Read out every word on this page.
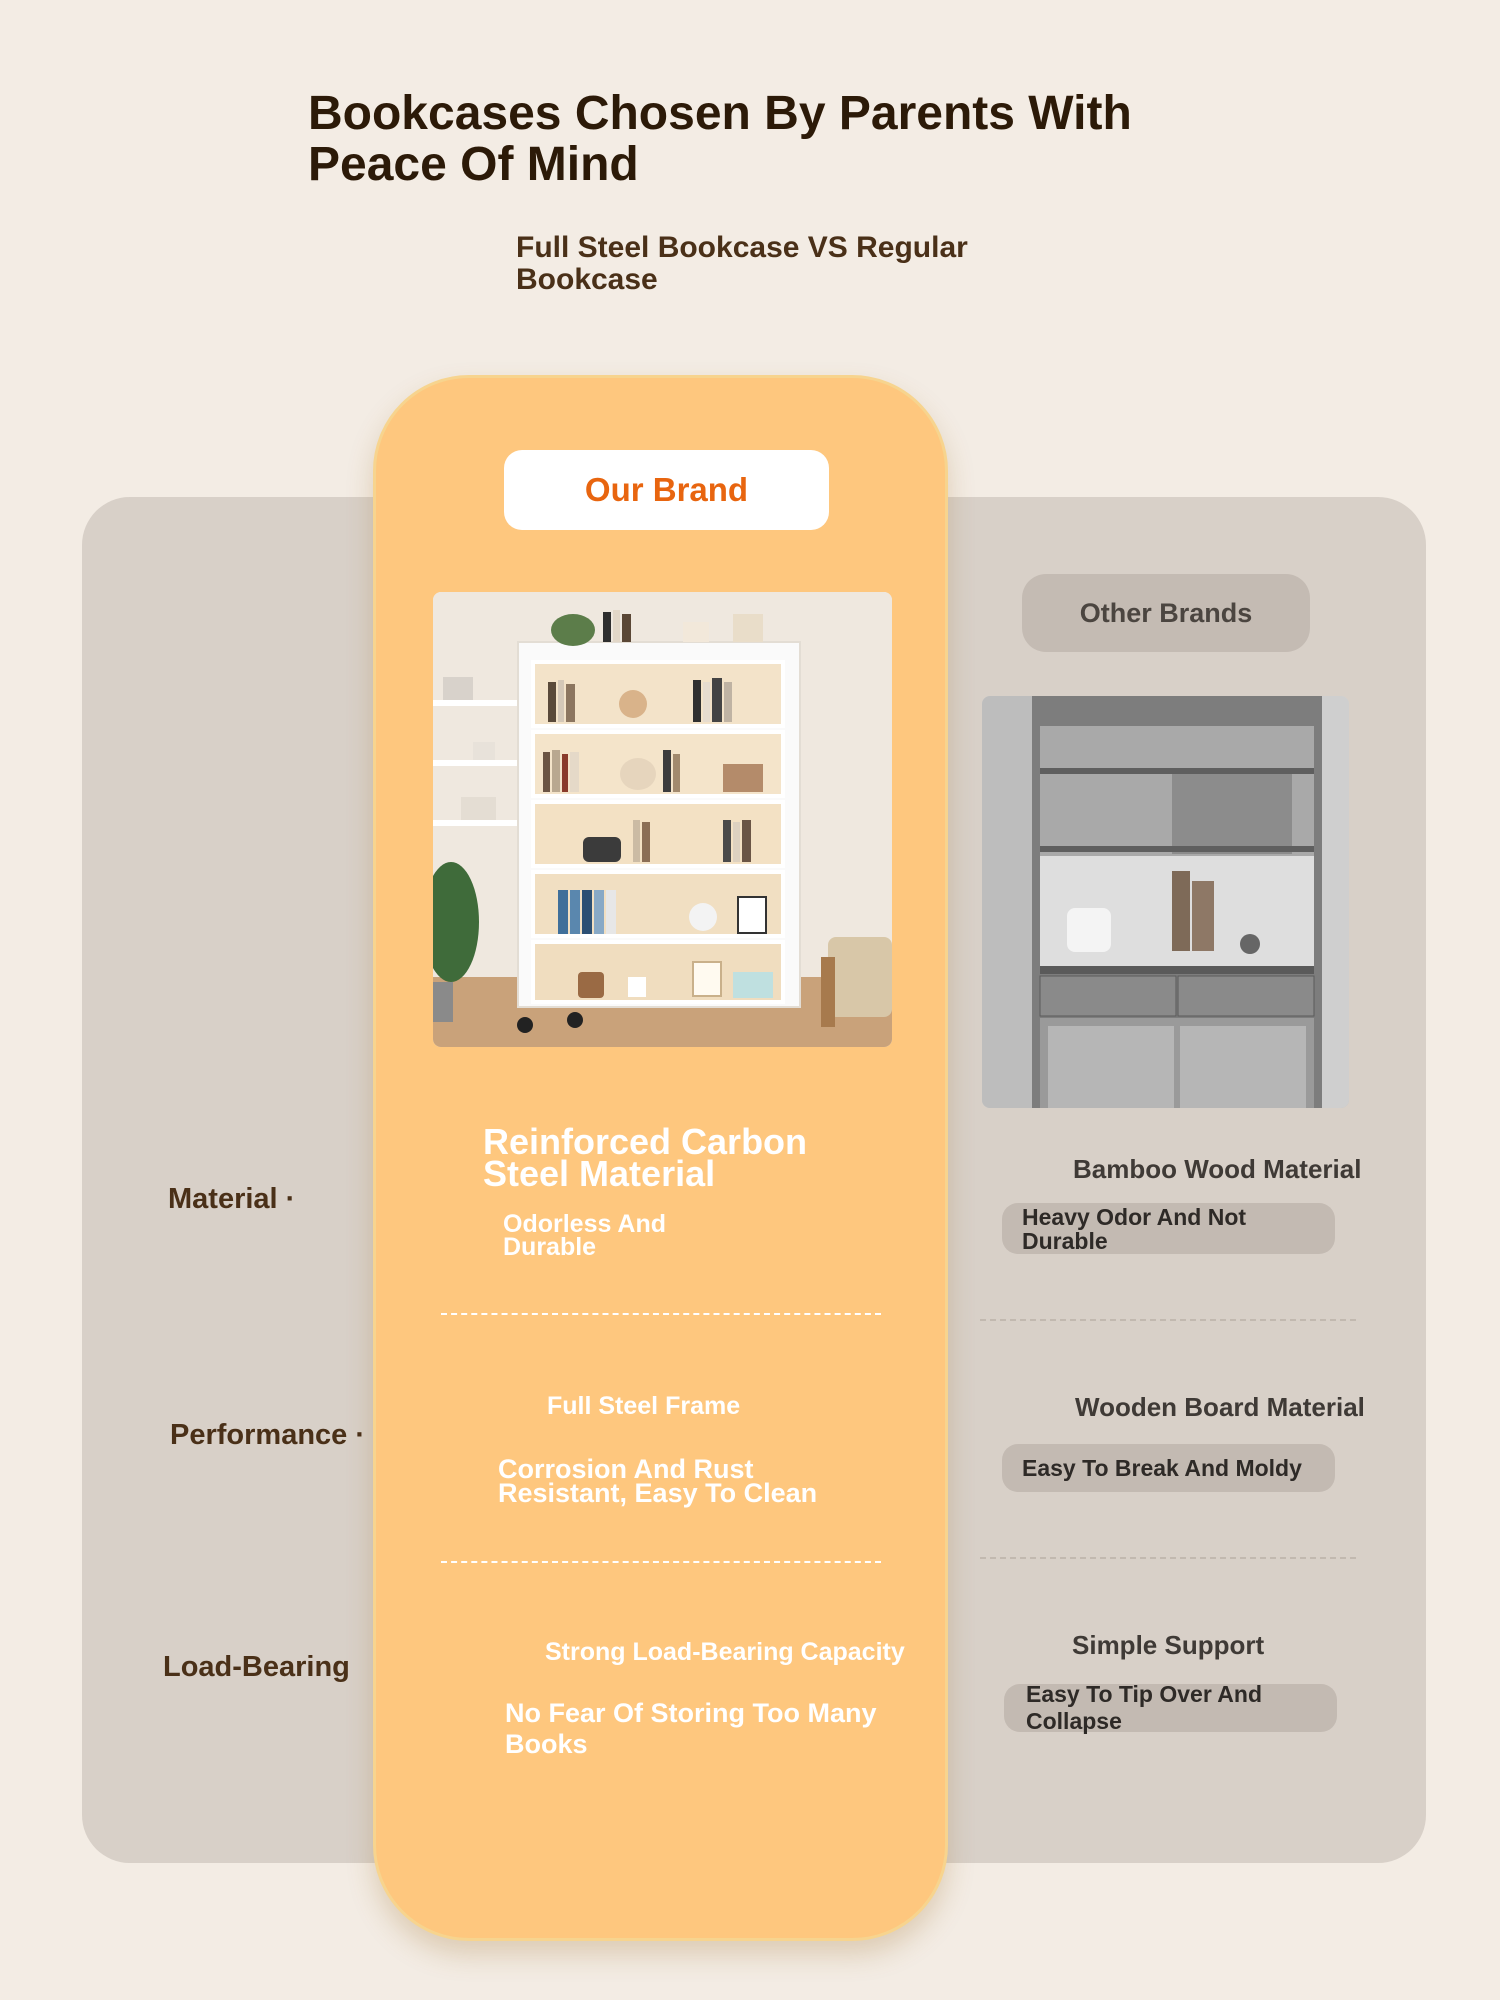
Bookcases Chosen By Parents With Peace Of Mind
Full Steel Bookcase VS Regular Bookcase
Our Brand
Other Brands
Material ·
Reinforced Carbon Steel Material
Odorless And Durable
Bamboo Wood Material
Heavy Odor And Not Durable
Performance ·
Full Steel Frame
Corrosion And Rust Resistant, Easy To Clean
Wooden Board Material
Easy To Break And Moldy
Load-Bearing	Strong Load-Bearing Capacity
No Fear Of Storing Too Many Books
Simple Support
Easy To Tip Over And Collapse
